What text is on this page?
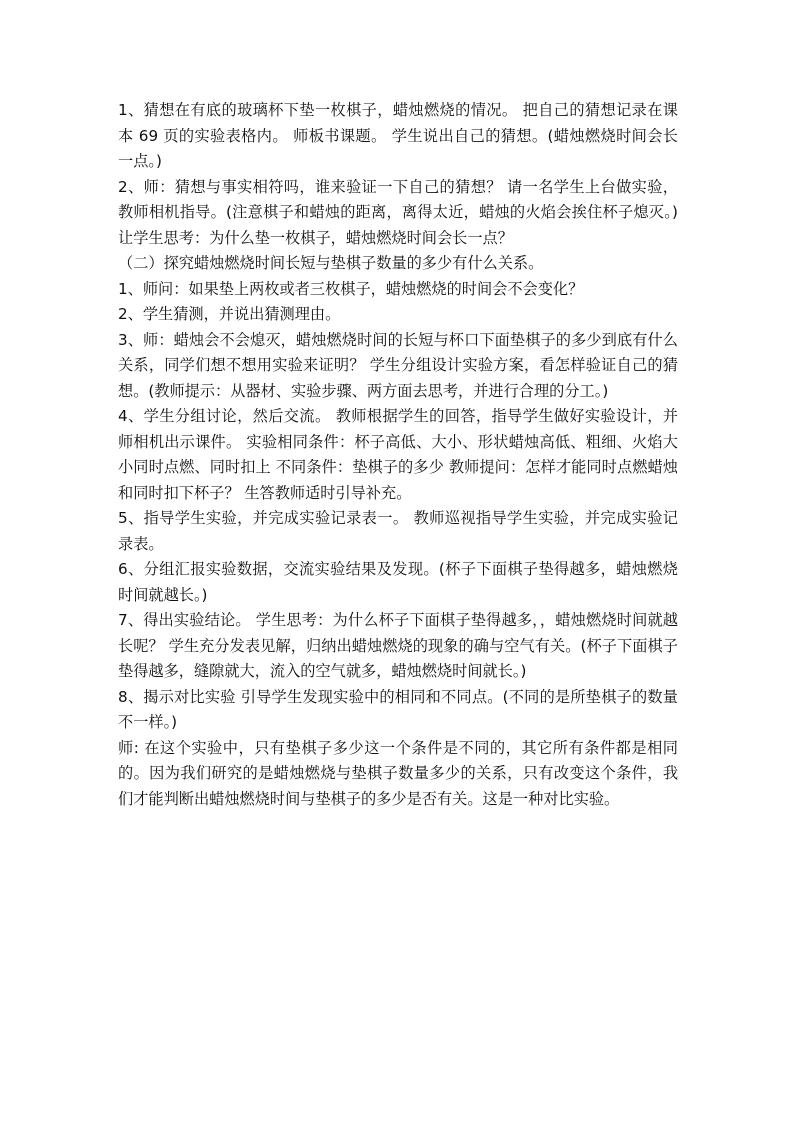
1、猜想在有底的玻璃杯下垫一枚棋子，蜡烛燃烧的情况。 把自己的猜想记录在课本 69 页的实验表格内。 师板书课题。 学生说出自己的猜想。(蜡烛燃烧时间会长一点。)

2、师：猜想与事实相符吗，谁来验证一下自己的猜想？ 请一名学生上台做实验，教师相机指导。(注意棋子和蜡烛的距离，离得太近，蜡烛的火焰会挨住杯子熄灭。) 让学生思考：为什么垫一枚棋子，蜡烛燃烧时间会长一点？

（二）探究蜡烛燃烧时间长短与垫棋子数量的多少有什么关系。

1、师问：如果垫上两枚或者三枚棋子，蜡烛燃烧的时间会不会变化？

2、学生猜测，并说出猜测理由。

3、师：蜡烛会不会熄灭，蜡烛燃烧时间的长短与杯口下面垫棋子的多少到底有什么关系，同学们想不想用实验来证明？ 学生分组设计实验方案，看怎样验证自己的猜想。(教师提示：从器材、实验步骤、两方面去思考，并进行合理的分工。)

4、学生分组讨论，然后交流。 教师根据学生的回答，指导学生做好实验设计，并师相机出示课件。 实验相同条件：杯子高低、大小、形状蜡烛高低、粗细、火焰大小同时点燃、同时扣上 不同条件：垫棋子的多少 教师提问：怎样才能同时点燃蜡烛和同时扣下杯子？ 生答教师适时引导补充。

5、指导学生实验，并完成实验记录表一。 教师巡视指导学生实验，并完成实验记录表。

6、分组汇报实验数据，交流实验结果及发现。(杯子下面棋子垫得越多，蜡烛燃烧时间就越长。)

7、得出实验结论。 学生思考：为什么杯子下面棋子垫得越多，，蜡烛燃烧时间就越长呢？ 学生充分发表见解，归纳出蜡烛燃烧的现象的确与空气有关。(杯子下面棋子垫得越多，缝隙就大，流入的空气就多，蜡烛燃烧时间就长。)

8、揭示对比实验 引导学生发现实验中的相同和不同点。(不同的是所垫棋子的数量不一样。)

师: 在这个实验中，只有垫棋子多少这一个条件是不同的，其它所有条件都是相同的。因为我们研究的是蜡烛燃烧与垫棋子数量多少的关系，只有改变这个条件，我们才能判断出蜡烛燃烧时间与垫棋子的多少是否有关。这是一种对比实验。
